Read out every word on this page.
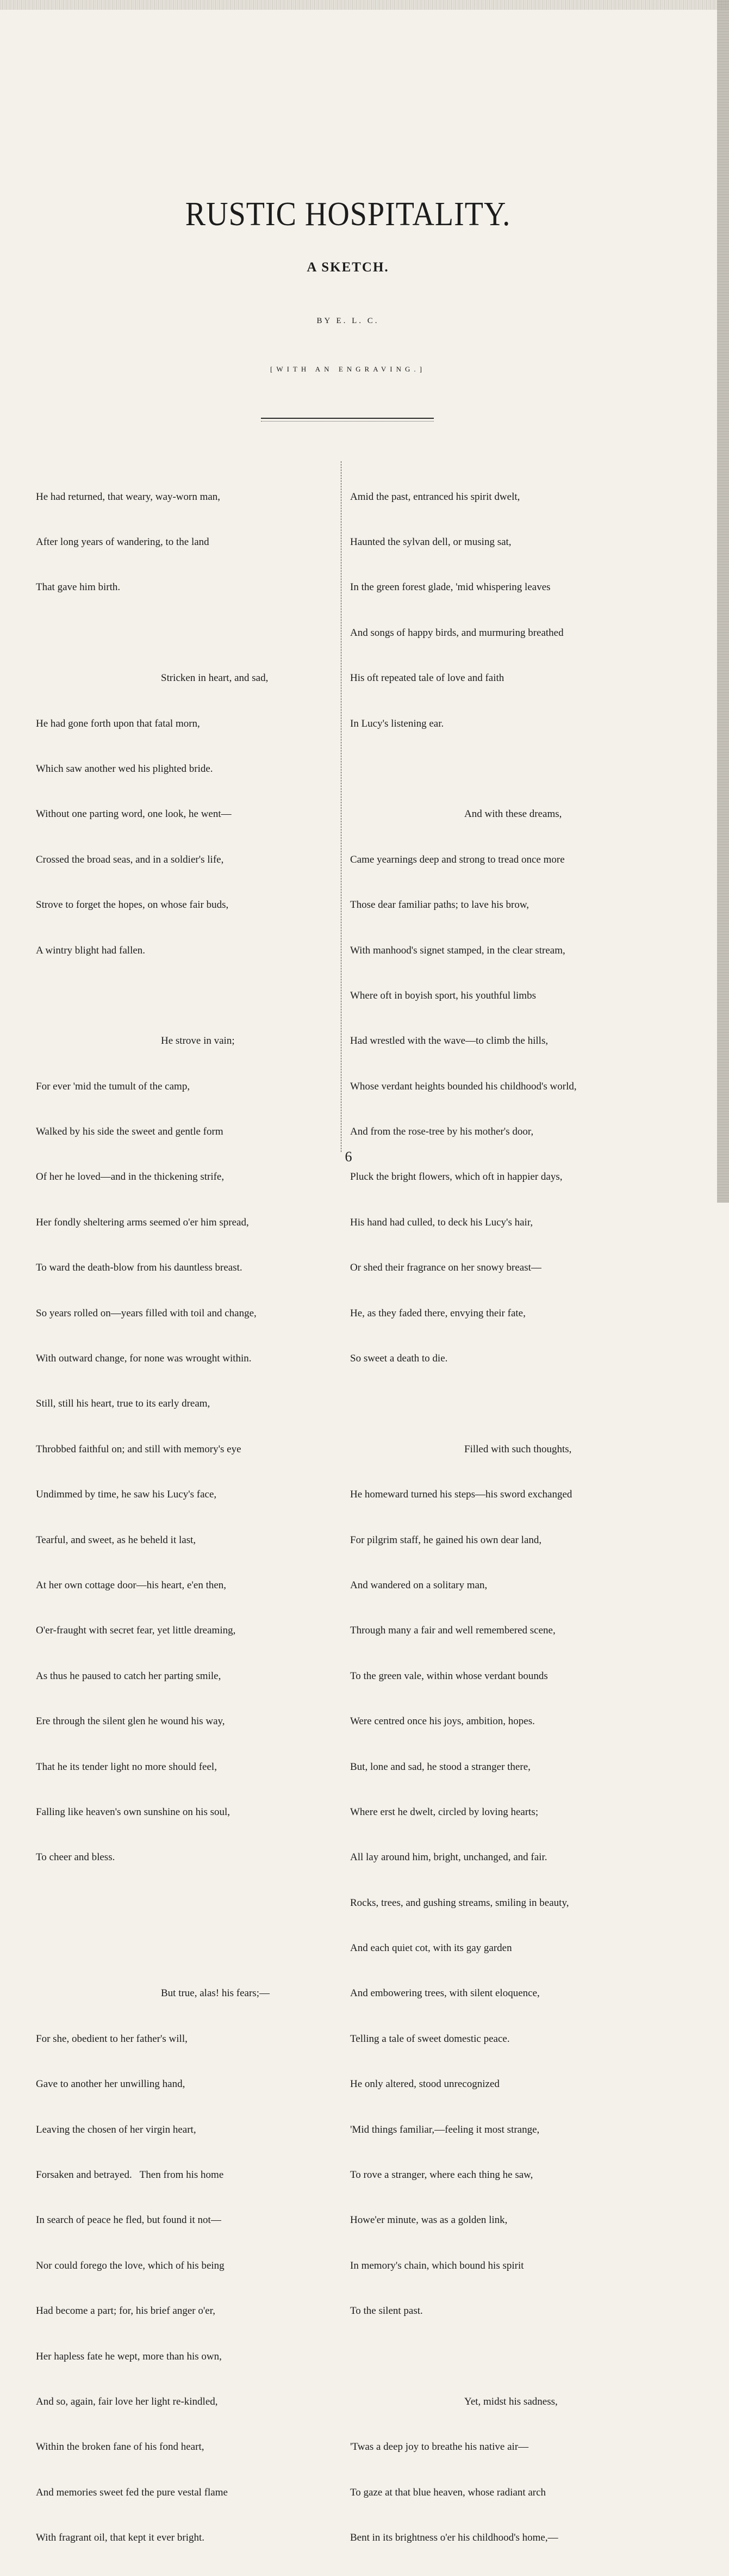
RUSTIC HOSPITALITY.
A SKETCH.
BY E. L. C.
[WITH AN ENGRAVING.]

He had returned, that weary, way-worn man,

After long years of wandering, to the land

That gave him birth.

Stricken in heart, and sad,

He had gone forth upon that fatal morn,

Which saw another wed his plighted bride.

Without one parting word, one look, he went—

Crossed the broad seas, and in a soldier's life,

Strove to forget the hopes, on whose fair buds,

A wintry blight had fallen.

He strove in vain;

For ever 'mid the tumult of the camp,

Walked by his side the sweet and gentle form

Of her he loved—and in the thickening strife,

Her fondly sheltering arms seemed o'er him spread,

To ward the death-blow from his dauntless breast.

So years rolled on—years filled with toil and change,

With outward change, for none was wrought within.

Still, still his heart, true to its early dream,

Throbbed faithful on; and still with memory's eye

Undimmed by time, he saw his Lucy's face,

Tearful, and sweet, as he beheld it last,

At her own cottage door—his heart, e'en then,

O'er-fraught with secret fear, yet little dreaming,

As thus he paused to catch her parting smile,

Ere through the silent glen he wound his way,

That he its tender light no more should feel,

Falling like heaven's own sunshine on his soul,

To cheer and bless.

But true, alas! his fears;—

For she, obedient to her father's will,

Gave to another her unwilling hand,

Leaving the chosen of her virgin heart,

Forsaken and betrayed.   Then from his home

In search of peace he fled, but found it not—

Nor could forego the love, which of his being

Had become a part; for, his brief anger o'er,

Her hapless fate he wept, more than his own,

And so, again, fair love her light re-kindled,

Within the broken fane of his fond heart,

And memories sweet fed the pure vestal flame

With fragrant oil, that kept it ever bright.

Amid the past, entranced his spirit dwelt,

Haunted the sylvan dell, or musing sat,

In the green forest glade, 'mid whispering leaves

And songs of happy birds, and murmuring breathed

His oft repeated tale of love and faith

In Lucy's listening ear.

And with these dreams,

Came yearnings deep and strong to tread once more

Those dear familiar paths; to lave his brow,

With manhood's signet stamped, in the clear stream,

Where oft in boyish sport, his youthful limbs

Had wrestled with the wave—to climb the hills,

Whose verdant heights bounded his childhood's world,

And from the rose-tree by his mother's door,

Pluck the bright flowers, which oft in happier days,

His hand had culled, to deck his Lucy's hair,

Or shed their fragrance on her snowy breast—

He, as they faded there, envying their fate,

So sweet a death to die.

Filled with such thoughts,

He homeward turned his steps—his sword exchanged

For pilgrim staff, he gained his own dear land,

And wandered on a solitary man,

Through many a fair and well remembered scene,

To the green vale, within whose verdant bounds

Were centred once his joys, ambition, hopes.

But, lone and sad, he stood a stranger there,

Where erst he dwelt, circled by loving hearts;

All lay around him, bright, unchanged, and fair.

Rocks, trees, and gushing streams, smiling in beauty,

And each quiet cot, with its gay garden

And embowering trees, with silent eloquence,

Telling a tale of sweet domestic peace.

He only altered, stood unrecognized

'Mid things familiar,—feeling it most strange,

To rove a stranger, where each thing he saw,

Howe'er minute, was as a golden link,

In memory's chain, which bound his spirit

To the silent past.

Yet, midst his sadness,

'Twas a deep joy to breathe his native air—

To gaze at that blue heaven, whose radiant arch

Bent in its brightness o'er his childhood's home,—

6
